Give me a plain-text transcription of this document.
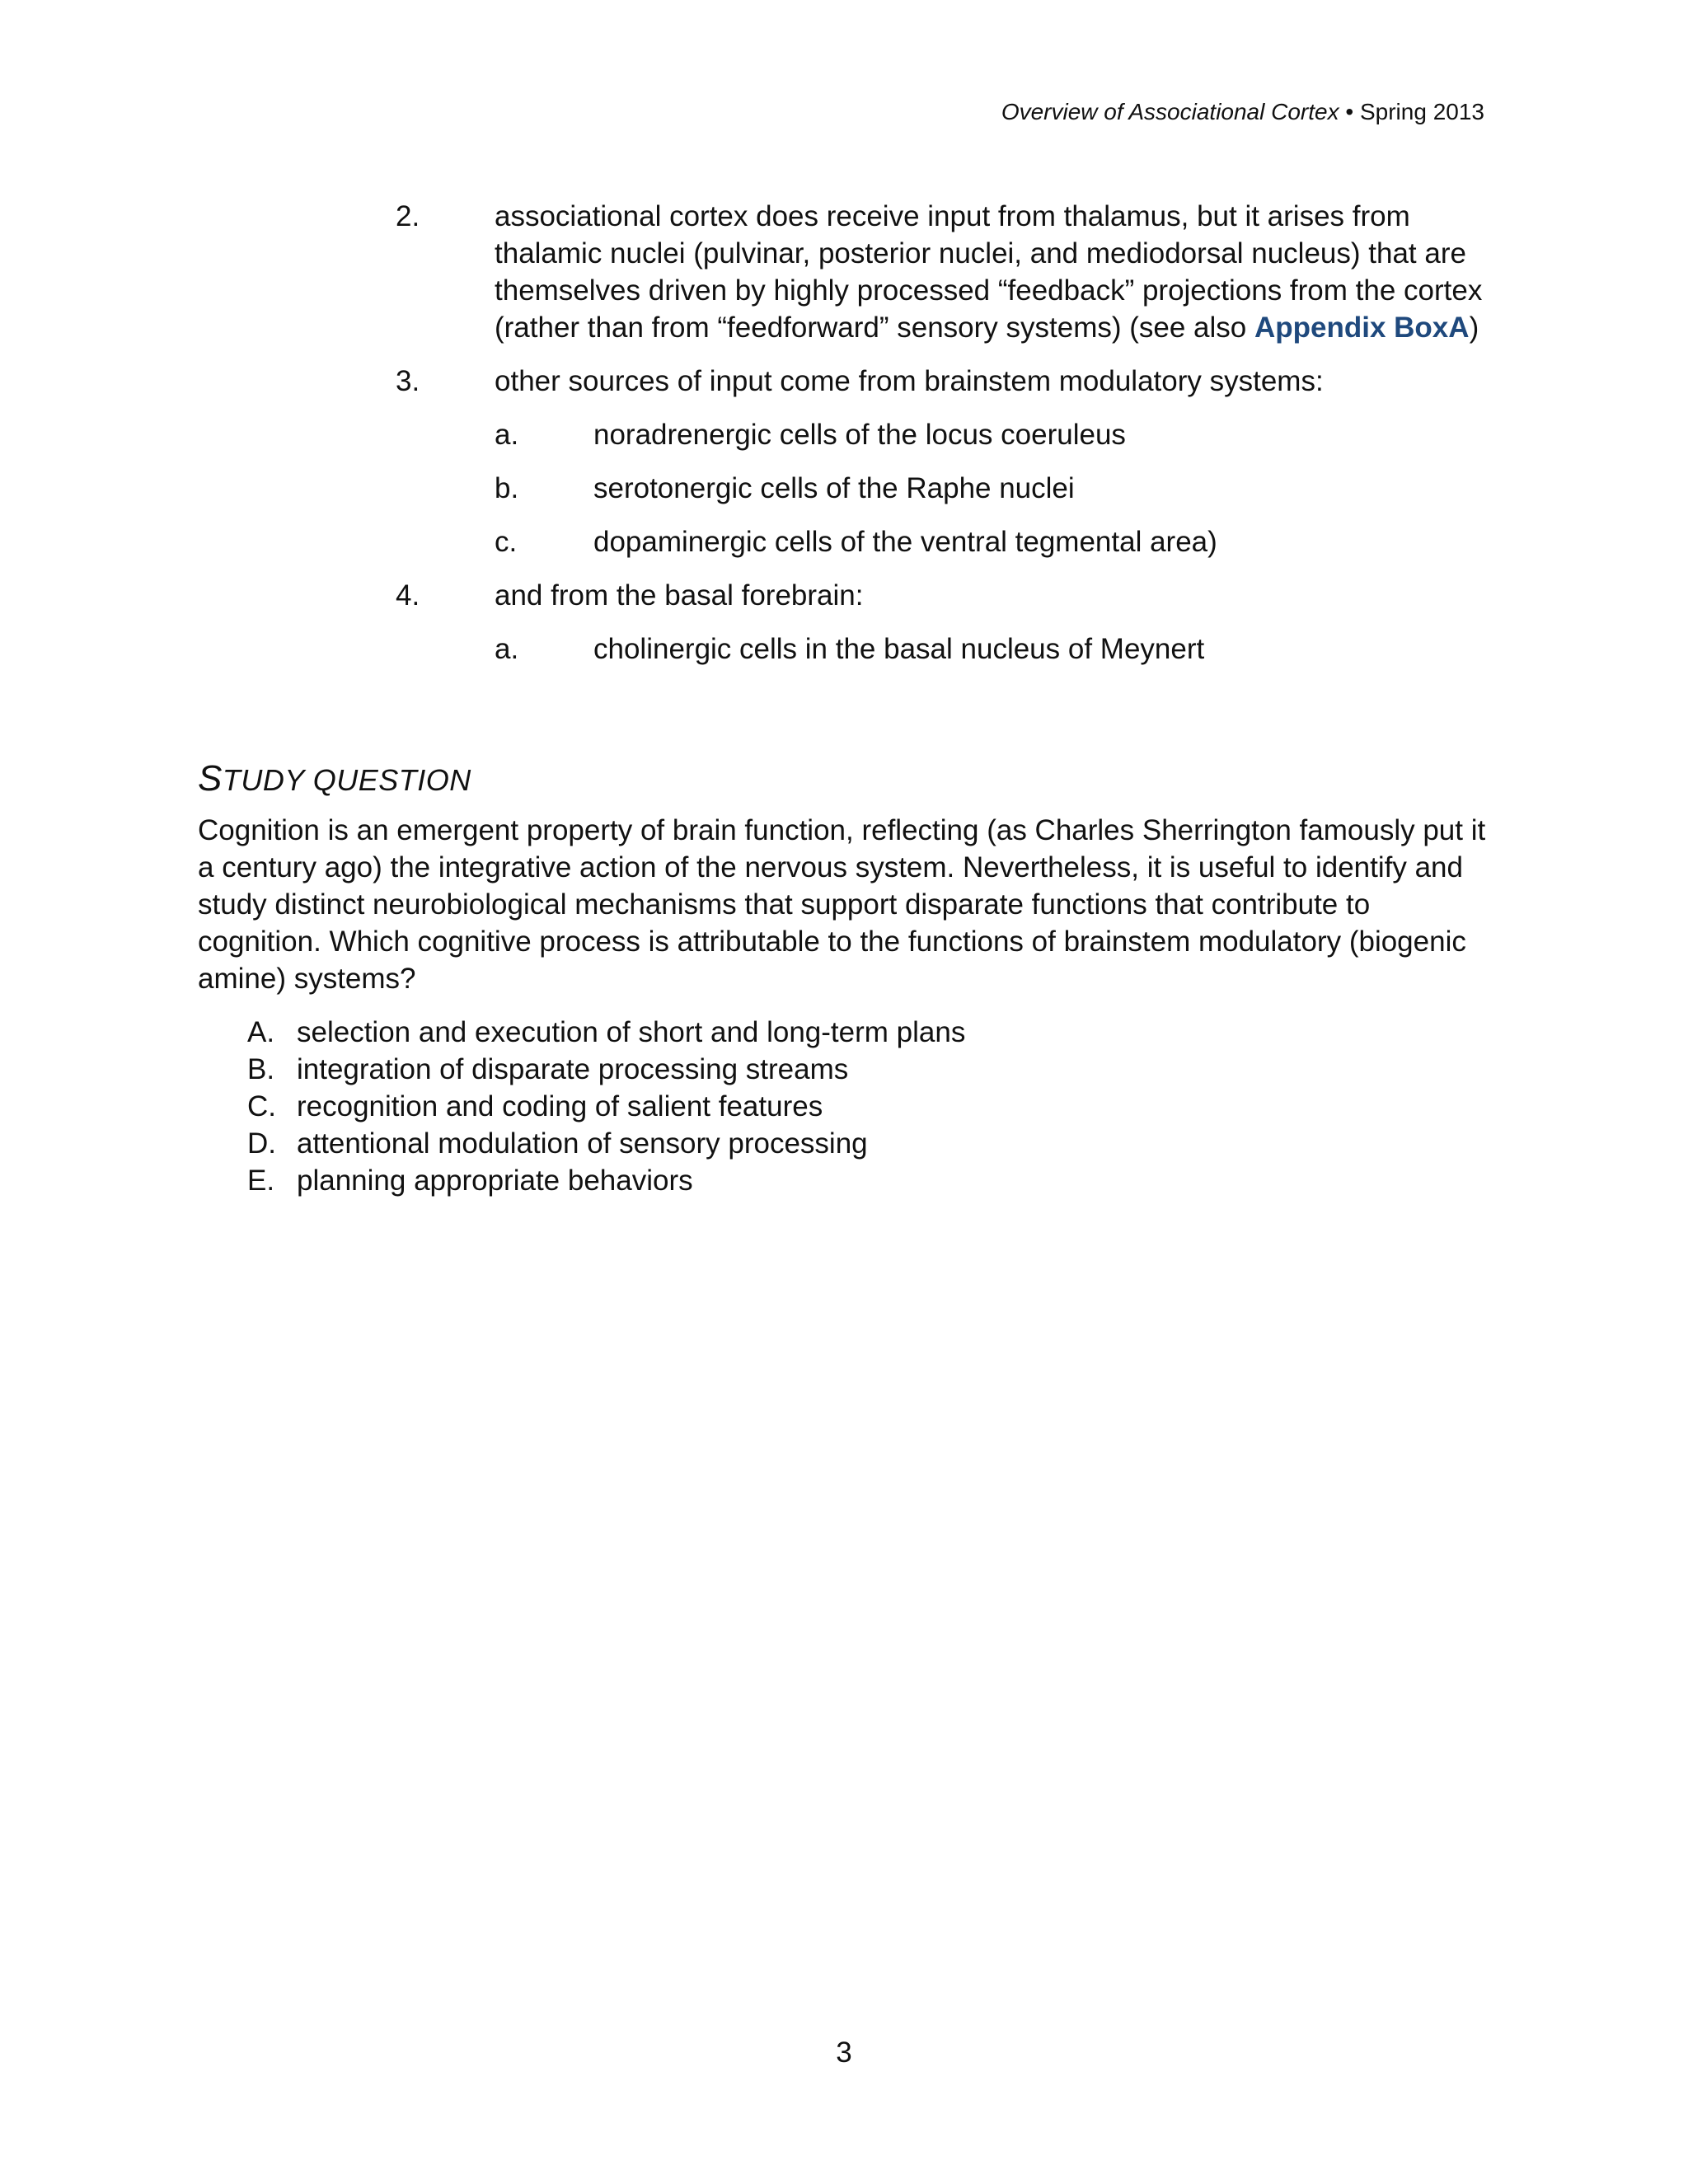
Overview of Associational Cortex • Spring 2013
2.	associational cortex does receive input from thalamus, but it arises from thalamic nuclei (pulvinar, posterior nuclei, and mediodorsal nucleus) that are themselves driven by highly processed “feedback” projections from the cortex (rather than from “feedforward” sensory systems) (see also Appendix BoxA)
3.	other sources of input come from brainstem modulatory systems:
a.	noradrenergic cells of the locus coeruleus
b.	serotonergic cells of the Raphe nuclei
c.	dopaminergic cells of the ventral tegmental area)
4.	and from the basal forebrain:
a.	cholinergic cells in the basal nucleus of Meynert
STUDY QUESTION
Cognition is an emergent property of brain function, reflecting (as Charles Sherrington famously put it a century ago) the integrative action of the nervous system. Nevertheless, it is useful to identify and study distinct neurobiological mechanisms that support disparate functions that contribute to cognition. Which cognitive process is attributable to the functions of brainstem modulatory (biogenic amine) systems?
A. selection and execution of short and long-term plans
B. integration of disparate processing streams
C. recognition and coding of salient features
D. attentional modulation of sensory processing
E. planning appropriate behaviors
3
